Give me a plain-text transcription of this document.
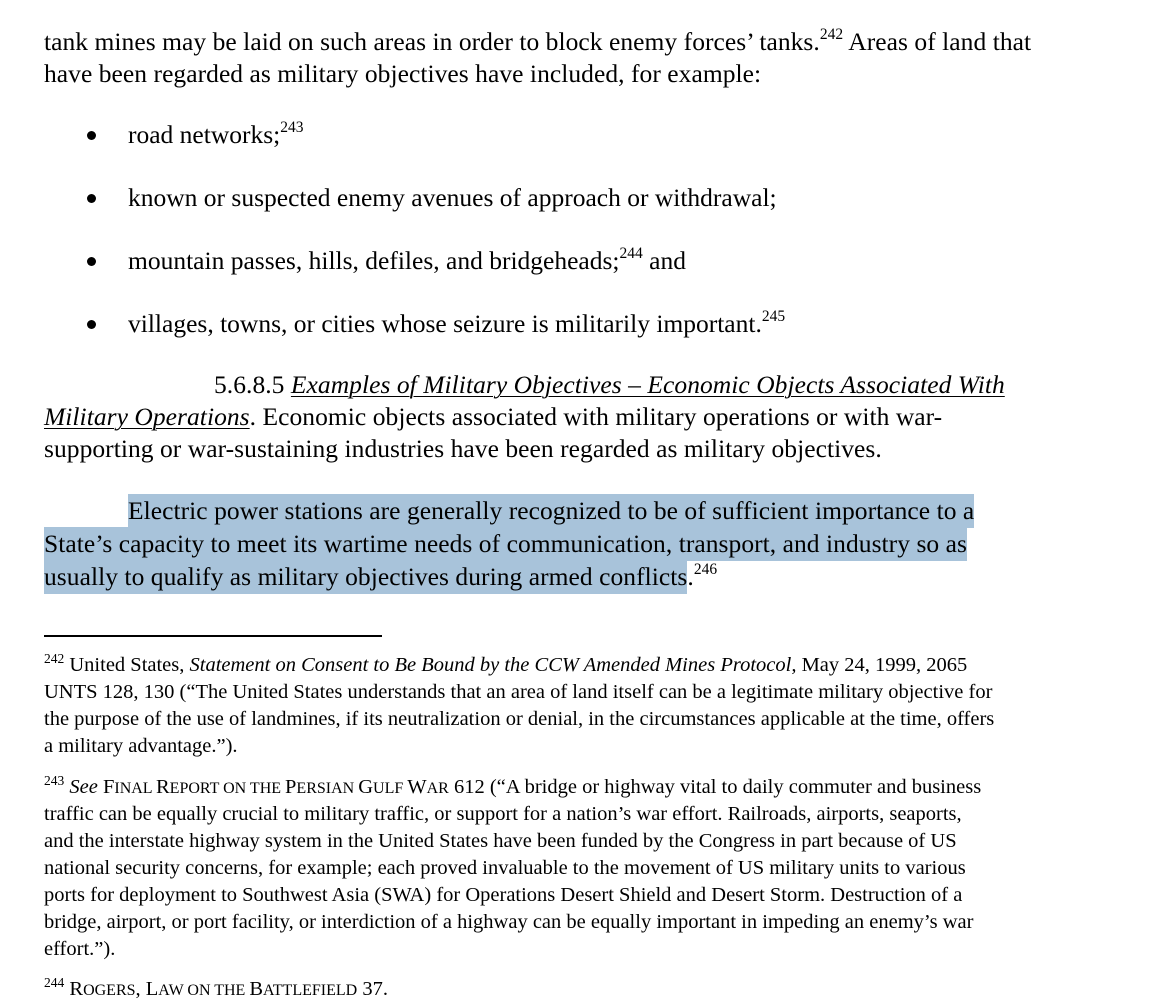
tank mines may be laid on such areas in order to block enemy forces’ tanks.$^{242}$ Areas of land that
have been regarded as military objectives have included, for example:
road networks;$^{243}$
known or suspected enemy avenues of approach or withdrawal;
mountain passes, hills, defiles, and bridgeheads;$^{244}$ and
villages, towns, or cities whose seizure is militarily important.$^{245}$
5.6.8.5 Examples of Military Objectives – Economic Objects Associated With
Military Operations. Economic objects associated with military operations or with war-
supporting or war-sustaining industries have been regarded as military objectives.
Electric power stations are generally recognized to be of sufficient importance to a
State’s capacity to meet its wartime needs of communication, transport, and industry so as
usually to qualify as military objectives during armed conflicts.$^{246}$
$^{242}$ United States, Statement on Consent to Be Bound by the CCW Amended Mines Protocol, May 24, 1999, 2065
UNTS 128, 130 (“The United States understands that an area of land itself can be a legitimate military objective for
the purpose of the use of landmines, if its neutralization or denial, in the circumstances applicable at the time, offers
a military advantage.”).
$^{243}$ See FINAL REPORT ON THE PERSIAN GULF WAR 612 (“A bridge or highway vital to daily commuter and business
traffic can be equally crucial to military traffic, or support for a nation’s war effort. Railroads, airports, seaports,
and the interstate highway system in the United States have been funded by the Congress in part because of US
national security concerns, for example; each proved invaluable to the movement of US military units to various
ports for deployment to Southwest Asia (SWA) for Operations Desert Shield and Desert Storm. Destruction of a
bridge, airport, or port facility, or interdiction of a highway can be equally important in impeding an enemy’s war
effort.”).
$^{244}$ ROGERS, LAW ON THE BATTLEFIELD 37.
